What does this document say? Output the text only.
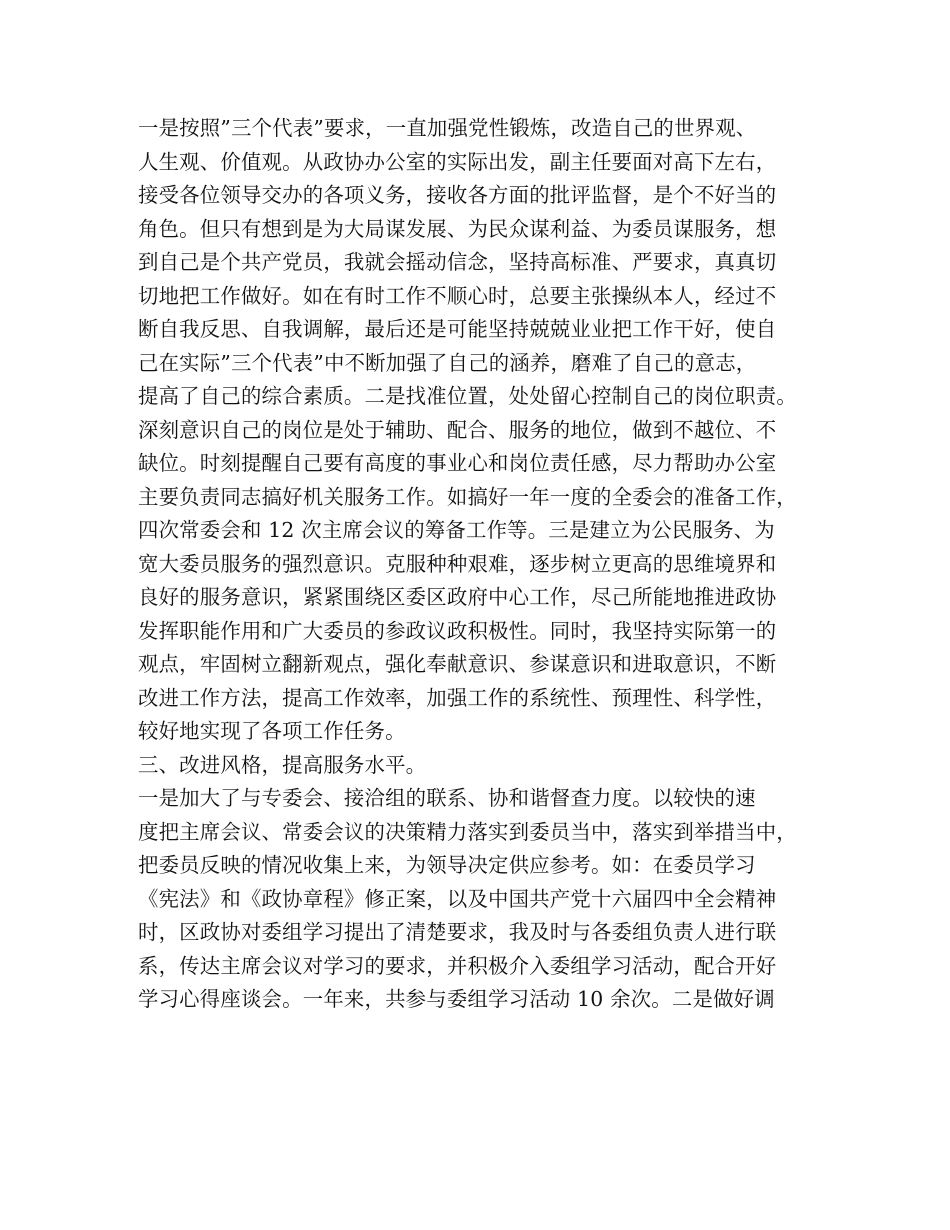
一是按照”三个代表”要求，一直加强党性锻炼，改造自己的世界观、
人生观、价值观。从政协办公室的实际出发，副主任要面对高下左右，
接受各位领导交办的各项义务，接收各方面的批评监督，是个不好当的
角色。但只有想到是为大局谋发展、为民众谋利益、为委员谋服务，想
到自己是个共产党员，我就会摇动信念，坚持高标准、严要求，真真切
切地把工作做好。如在有时工作不顺心时，总要主张操纵本人，经过不
断自我反思、自我调解，最后还是可能坚持兢兢业业把工作干好，使自
己在实际”三个代表”中不断加强了自己的涵养，磨难了自己的意志，
提高了自己的综合素质。二是找准位置，处处留心控制自己的岗位职责。
深刻意识自己的岗位是处于辅助、配合、服务的地位，做到不越位、不
缺位。时刻提醒自己要有高度的事业心和岗位责任感，尽力帮助办公室
主要负责同志搞好机关服务工作。如搞好一年一度的全委会的准备工作，
四次常委会和 12 次主席会议的筹备工作等。三是建立为公民服务、为
宽大委员服务的强烈意识。克服种种艰难，逐步树立更高的思维境界和
良好的服务意识，紧紧围绕区委区政府中心工作，尽己所能地推进政协
发挥职能作用和广大委员的参政议政积极性。同时，我坚持实际第一的
观点，牢固树立翻新观点，强化奉献意识、参谋意识和进取意识，不断
改进工作方法，提高工作效率，加强工作的系统性、预理性、科学性，
较好地实现了各项工作任务。
三、改进风格，提高服务水平。
一是加大了与专委会、接洽组的联系、协和谐督查力度。以较快的速
度把主席会议、常委会议的决策精力落实到委员当中，落实到举措当中，
把委员反映的情况收集上来，为领导决定供应参考。如：在委员学习
《宪法》和《政协章程》修正案，以及中国共产党十六届四中全会精神
时，区政协对委组学习提出了清楚要求，我及时与各委组负责人进行联
系，传达主席会议对学习的要求，并积极介入委组学习活动，配合开好
学习心得座谈会。一年来，共参与委组学习活动 10 余次。二是做好调
